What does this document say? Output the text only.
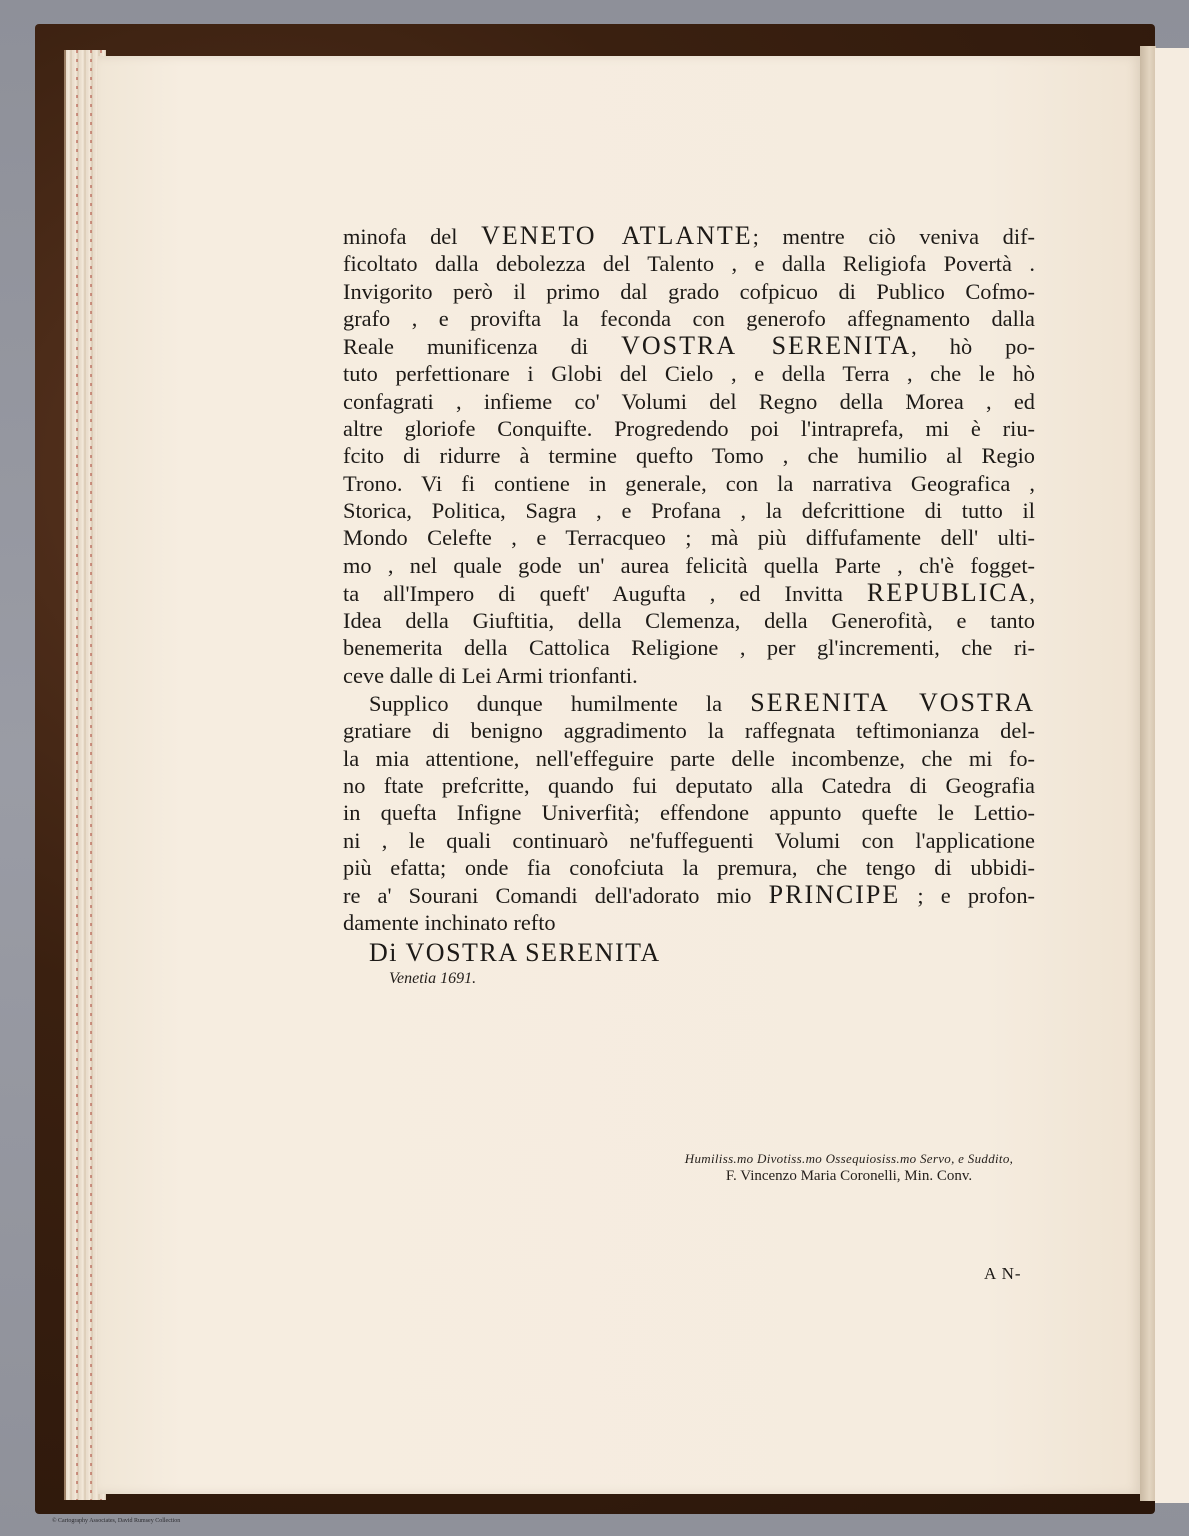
minofa del VENETO ATLANTE; mentre ciò veniva dif-
ficoltato dalla debolezza del Talento , e dalla Religiofa Povertà .
Invigorito però il primo dal grado cofpicuo di Publico Cofmo-
grafo , e provifta la feconda con generofo affegnamento dalla
Reale munificenza di VOSTRA SERENITA, hò po-
tuto perfettionare i Globi del Cielo , e della Terra , che le hò
confagrati , infieme co' Volumi del Regno della Morea , ed
altre gloriofe Conquifte. Progredendo poi l'intraprefa, mi è riu-
fcito di ridurre à termine quefto Tomo , che humilio al Regio
Trono. Vi fi contiene in generale, con la narrativa Geografica ,
Storica, Politica, Sagra , e Profana , la defcrittione di tutto il
Mondo Celefte , e Terracqueo ; mà più diffufamente dell' ulti-
mo , nel quale gode un' aurea felicità quella Parte , ch'è fogget-
ta all'Impero di queft' Augufta , ed Invitta REPUBLICA,
Idea della Giuftitia, della Clemenza, della Generofità, e tanto
benemerita della Cattolica Religione , per gl'incrementi, che ri-
ceve dalle di Lei Armi trionfanti.
Supplico dunque humilmente la SERENITA VOSTRA
gratiare di benigno aggradimento la raffegnata teftimonianza del-
la mia attentione, nell'effeguire parte delle incombenze, che mi fo-
no ftate prefcritte, quando fui deputato alla Catedra di Geografia
in quefta Infigne Univerfità; effendone appunto quefte le Lettio-
ni , le quali continuarò ne'fuffeguenti Volumi con l'applicatione
più efatta; onde fia conofciuta la premura, che tengo di ubbidi-
re a' Sourani Comandi dell'adorato mio PRINCIPE ; e profon-
damente inchinato refto
Di VOSTRA SERENITA
Venetia 1691.
Humiliss.mo Divotiss.mo Ossequiosiss.mo Servo, e Suddito,
F. Vincenzo Maria Coronelli, Min. Conv.
A N-
© Cartography Associates, David Rumsey Collection
